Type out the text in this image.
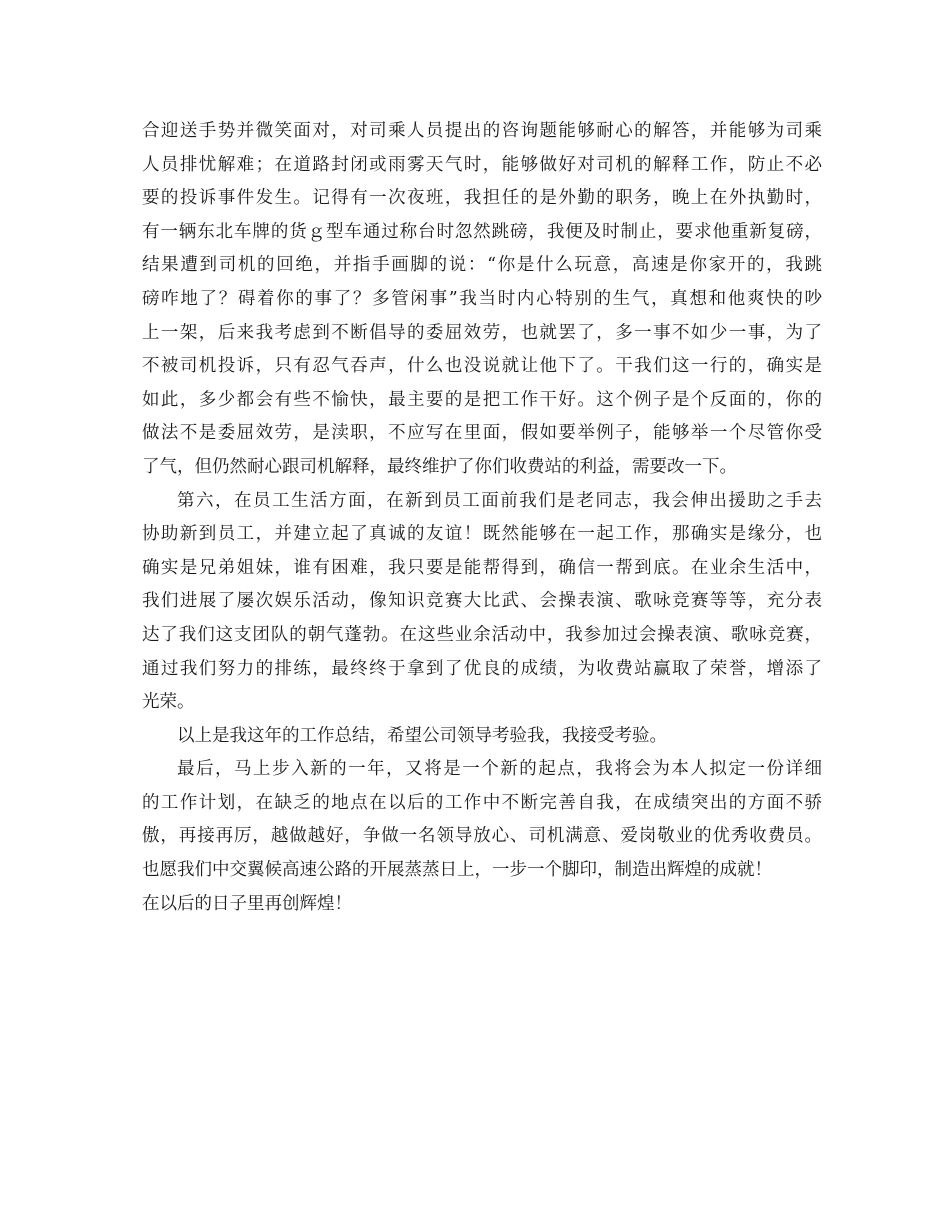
合迎送手势并微笑面对，对司乘人员提出的咨询题能够耐心的解答，并能够为司乘
人员排忧解难；在道路封闭或雨雾天气时，能够做好对司机的解释工作，防止不必
要的投诉事件发生。记得有一次夜班，我担任的是外勤的职务，晚上在外执勤时，
有一辆东北车牌的货ｇ型车通过称台时忽然跳磅，我便及时制止，要求他重新复磅，
结果遭到司机的回绝，并指手画脚的说：“你是什么玩意，高速是你家开的，我跳
磅咋地了？碍着你的事了？多管闲事”我当时内心特别的生气，真想和他爽快的吵
上一架，后来我考虑到不断倡导的委屈效劳，也就罢了，多一事不如少一事，为了
不被司机投诉，只有忍气吞声，什么也没说就让他下了。干我们这一行的，确实是
如此，多少都会有些不愉快，最主要的是把工作干好。这个例子是个反面的，你的
做法不是委屈效劳，是渎职，不应写在里面，假如要举例子，能够举一个尽管你受
了气，但仍然耐心跟司机解释，最终维护了你们收费站的利益，需要改一下。
第六，在员工生活方面，在新到员工面前我们是老同志，我会伸出援助之手去
协助新到员工，并建立起了真诚的友谊！既然能够在一起工作，那确实是缘分，也
确实是兄弟姐妹，谁有困难，我只要是能帮得到，确信一帮到底。在业余生活中，
我们进展了屡次娱乐活动，像知识竞赛大比武、会操表演、歌咏竞赛等等，充分表
达了我们这支团队的朝气蓬勃。在这些业余活动中，我参加过会操表演、歌咏竞赛，
通过我们努力的排练，最终终于拿到了优良的成绩，为收费站赢取了荣誉，增添了
光荣。
以上是我这年的工作总结，希望公司领导考验我，我接受考验。
最后，马上步入新的一年，又将是一个新的起点，我将会为本人拟定一份详细
的工作计划，在缺乏的地点在以后的工作中不断完善自我，在成绩突出的方面不骄
傲，再接再厉，越做越好，争做一名领导放心、司机满意、爱岗敬业的优秀收费员。
也愿我们中交翼候高速公路的开展蒸蒸日上，一步一个脚印，制造出辉煌的成就！
在以后的日子里再创辉煌！
